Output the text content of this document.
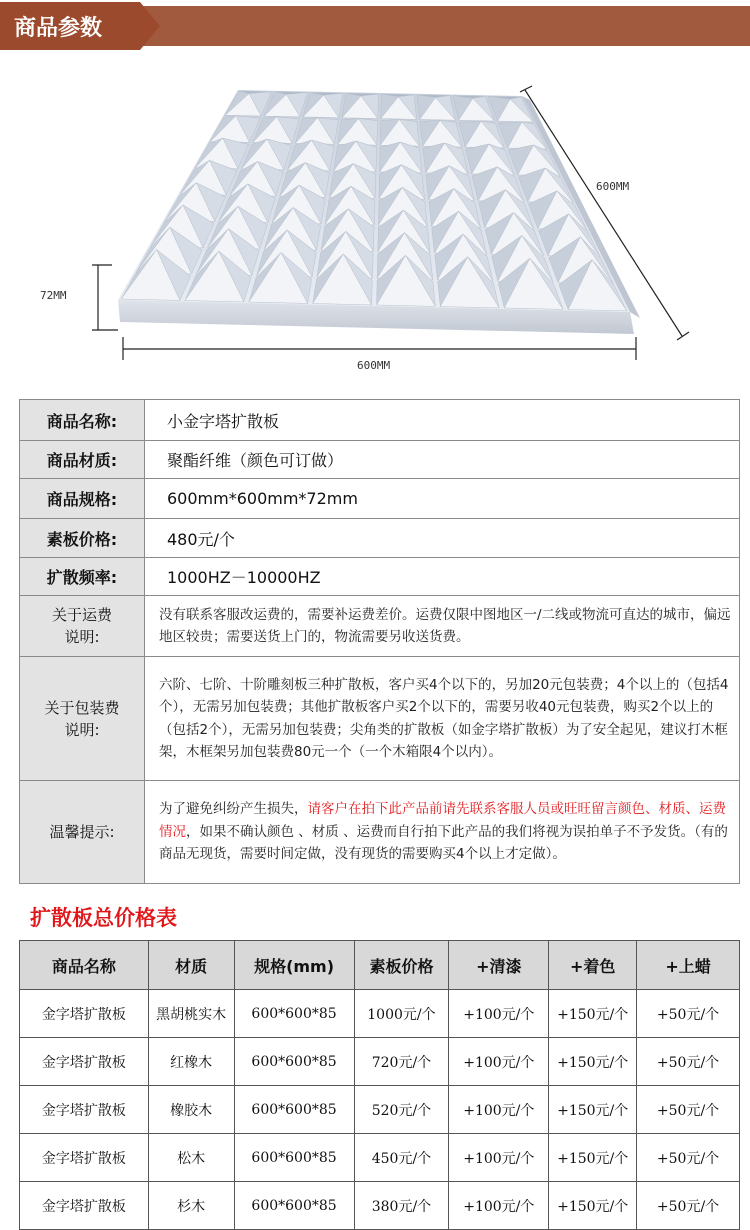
商品参数
600MM
72MM
600MM
商品名称:	小金字塔扩散板
商品材质:	聚酯纤维（颜色可订做）
商品规格:	600mm*600mm*72mm
素板价格:	480元/个
扩散频率:	1000HZ－10000HZ

关于运费
说明:	没有联系客服改运费的，需要补运费差价。运费仅限中图地区一/二线或物流可直达的城市，偏远地区较贵；需要送货上门的，物流需要另收送货费。

关于包装费
说明:	六阶、七阶、十阶雕刻板三种扩散板，客户买4个以下的，另加20元包装费；4个以上的（包括4个），无需另加包装费；其他扩散板客户买2个以下的，需要另收40元包装费，购买2个以上的（包括2个），无需另加包装费；尖角类的扩散板（如金字塔扩散板）为了安全起见，建议打木框架，木框架另加包装费80元一个（一个木箱限4个以内）。
温馨提示:	为了避免纠纷产生损失，请客户在拍下此产品前请先联系客服人员或旺旺留言颜色、材质、运费情况，如果不确认颜色 、材质 、运费而自行拍下此产品的我们将视为误拍单子不予发货。（有的商品无现货，需要时间定做，没有现货的需要购买4个以上才定做）。
扩散板总价格表
商品名称	材质	规格(mm)	素板价格	+清漆	+着色	+上蜡
金字塔扩散板	黑胡桃实木	600*600*85	1000元/个	+100元/个	+150元/个	+50元/个
金字塔扩散板	红橡木	600*600*85	720元/个	+100元/个	+150元/个	+50元/个
金字塔扩散板	橡胶木	600*600*85	520元/个	+100元/个	+150元/个	+50元/个
金字塔扩散板	松木	600*600*85	450元/个	+100元/个	+150元/个	+50元/个
金字塔扩散板	杉木	600*600*85	380元/个	+100元/个	+150元/个	+50元/个
